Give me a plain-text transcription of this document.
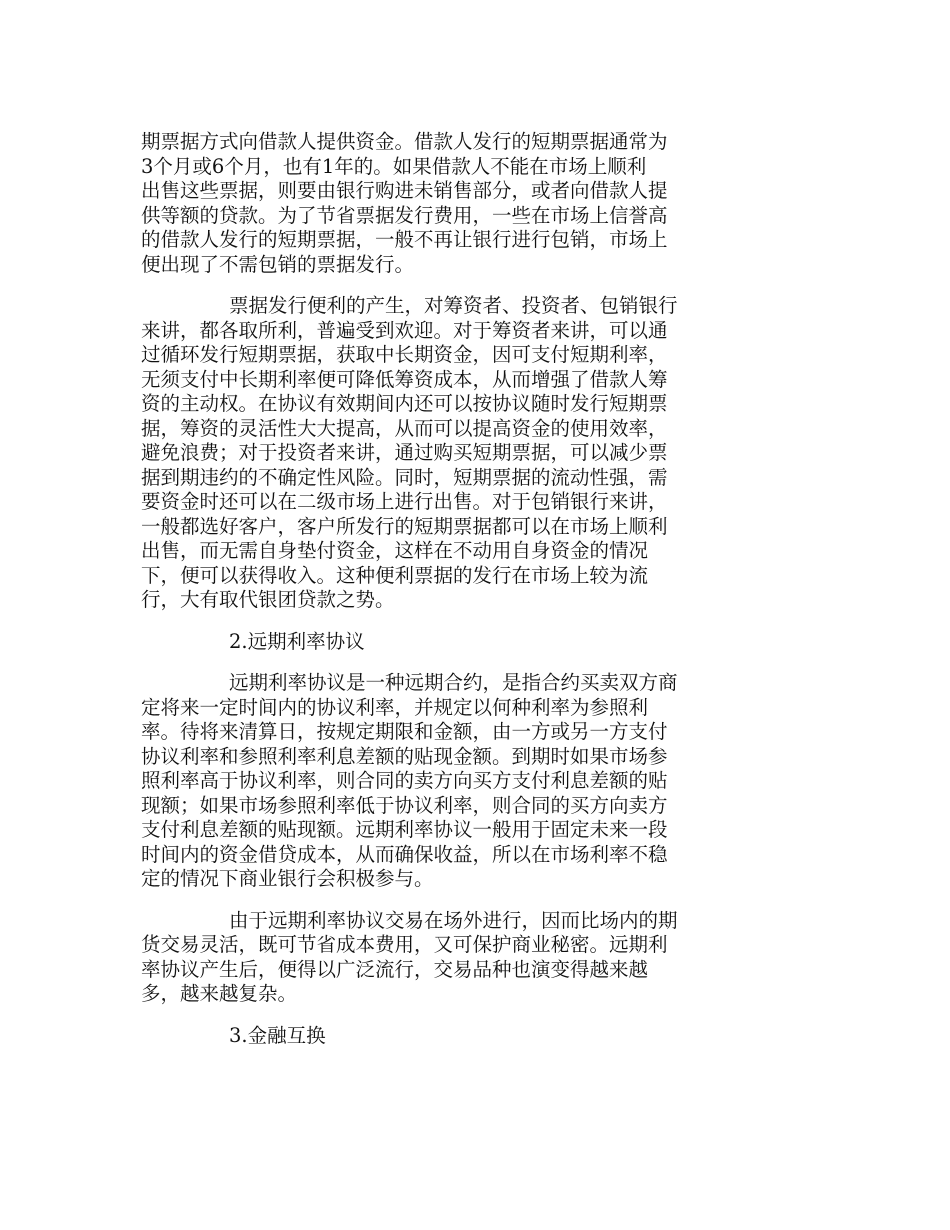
期票据方式向借款人提供资金。借款人发行的短期票据通常为
3个月或6个月，也有1年的。如果借款人不能在市场上顺利
出售这些票据，则要由银行购进未销售部分，或者向借款人提
供等额的贷款。为了节省票据发行费用，一些在市场上信誉高
的借款人发行的短期票据，一般不再让银行进行包销，市场上
便出现了不需包销的票据发行。

票据发行便利的产生，对筹资者、投资者、包销银行
来讲，都各取所利，普遍受到欢迎。对于筹资者来讲，可以通
过循环发行短期票据，获取中长期资金，因可支付短期利率，
无须支付中长期利率便可降低筹资成本，从而增强了借款人筹
资的主动权。在协议有效期间内还可以按协议随时发行短期票
据，筹资的灵活性大大提高，从而可以提高资金的使用效率，
避免浪费；对于投资者来讲，通过购买短期票据，可以减少票
据到期违约的不确定性风险。同时，短期票据的流动性强，需
要资金时还可以在二级市场上进行出售。对于包销银行来讲，
一般都选好客户，客户所发行的短期票据都可以在市场上顺利
出售，而无需自身垫付资金，这样在不动用自身资金的情况
下，便可以获得收入。这种便利票据的发行在市场上较为流
行，大有取代银团贷款之势。

2.远期利率协议

远期利率协议是一种远期合约，是指合约买卖双方商
定将来一定时间内的协议利率，并规定以何种利率为参照利
率。待将来清算日，按规定期限和金额，由一方或另一方支付
协议利率和参照利率利息差额的贴现金额。到期时如果市场参
照利率高于协议利率，则合同的卖方向买方支付利息差额的贴
现额；如果市场参照利率低于协议利率，则合同的买方向卖方
支付利息差额的贴现额。远期利率协议一般用于固定未来一段
时间内的资金借贷成本，从而确保收益，所以在市场利率不稳
定的情况下商业银行会积极参与。

由于远期利率协议交易在场外进行，因而比场内的期
货交易灵活，既可节省成本费用，又可保护商业秘密。远期利
率协议产生后，便得以广泛流行，交易品种也演变得越来越
多，越来越复杂。

3.金融互换
